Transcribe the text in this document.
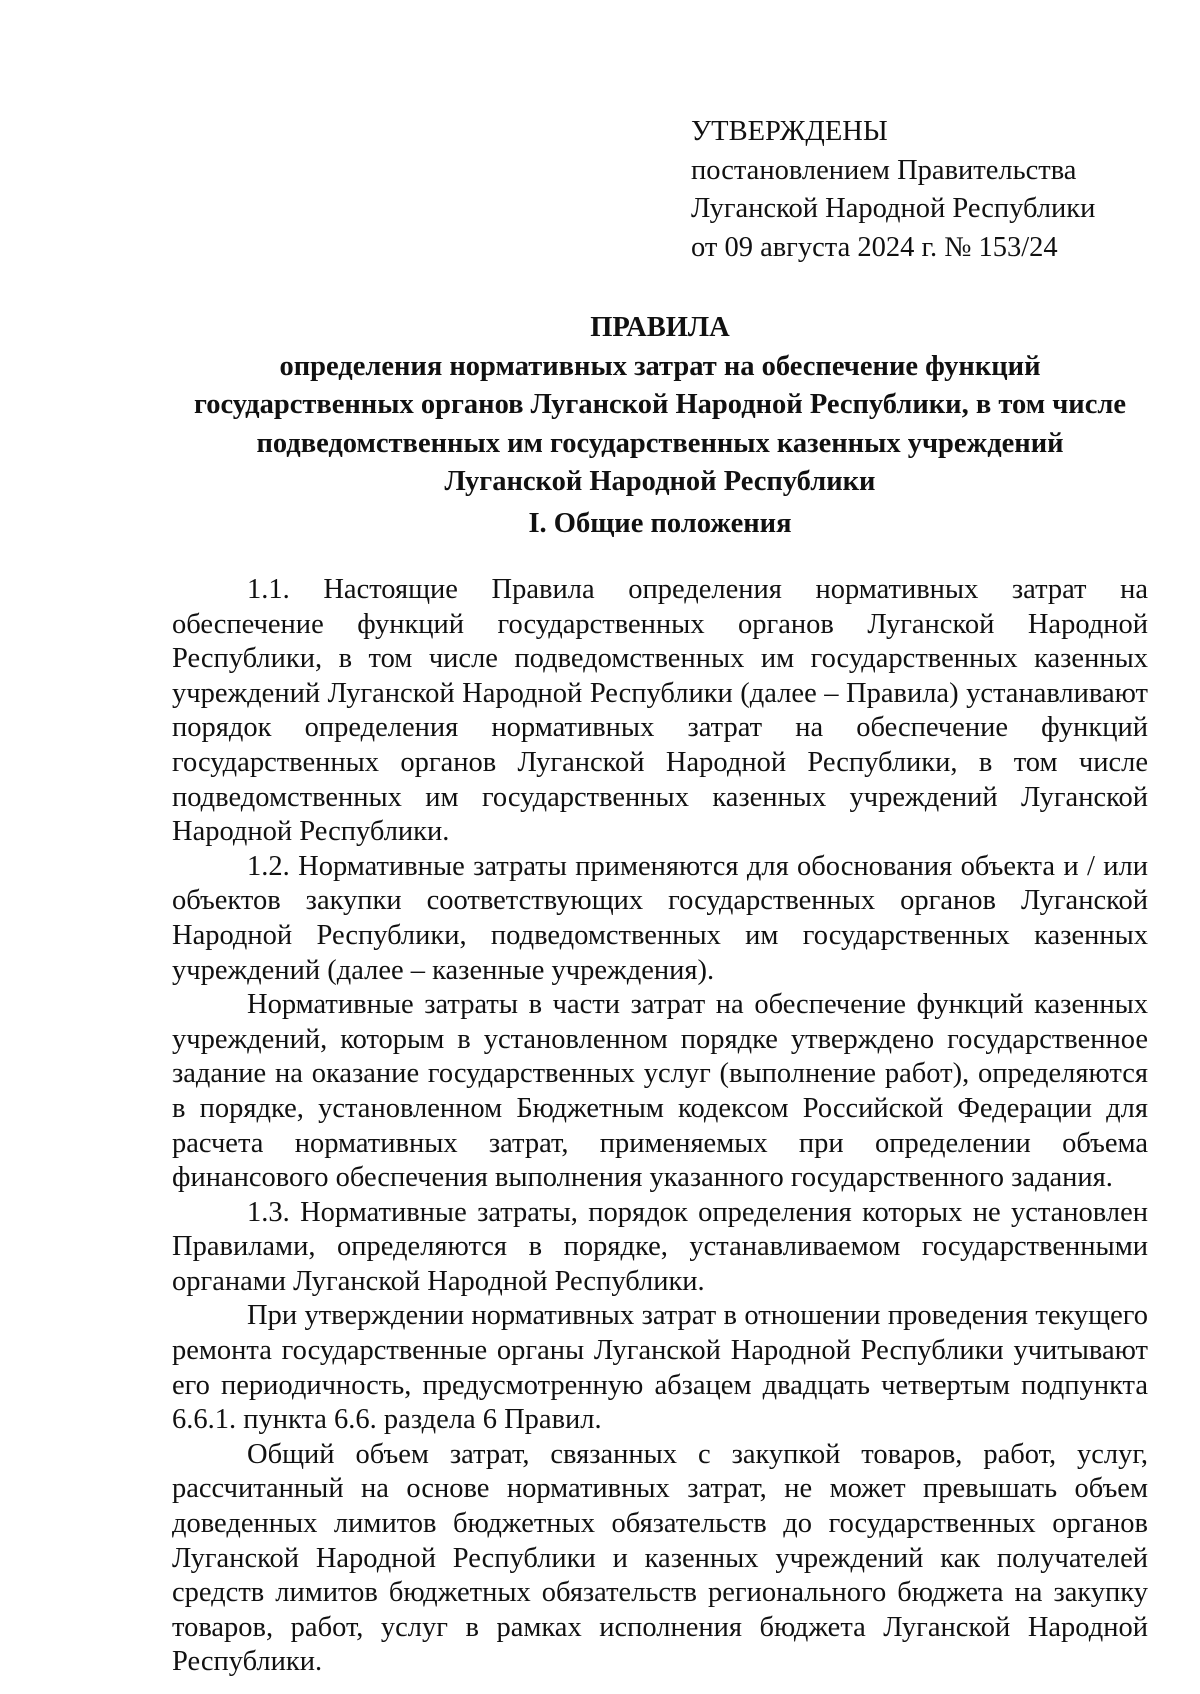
УТВЕРЖДЕНЫ
постановлением Правительства
Луганской Народной Республики
от 09 августа 2024 г. № 153/24
ПРАВИЛА
определения нормативных затрат на обеспечение функций
государственных органов Луганской Народной Республики, в том числе
подведомственных им государственных казенных учреждений
Луганской Народной Республики
I. Общие положения

1.1. Настоящие Правила определения нормативных затрат на обеспечение функций государственных органов Луганской Народной Республики, в том числе подведомственных им государственных казенных учреждений Луганской Народной Республики (далее – Правила) устанавливают порядок определения нормативных затрат на обеспечение функций государственных органов Луганской Народной Республики, в том числе подведомственных им государственных казенных учреждений Луганской Народной Республики.

1.2. Нормативные затраты применяются для обоснования объекта и / или объектов закупки соответствующих государственных органов Луганской Народной Республики, подведомственных им государственных казенных учреждений (далее – казенные учреждения).

Нормативные затраты в части затрат на обеспечение функций казенных учреждений, которым в установленном порядке утверждено государственное задание на оказание государственных услуг (выполнение работ), определяются в порядке, установленном Бюджетным кодексом Российской Федерации для расчета нормативных затрат, применяемых при определении объема финансового обеспечения выполнения указанного государственного задания.

1.3. Нормативные затраты, порядок определения которых не установлен Правилами, определяются в порядке, устанавливаемом государственными органами Луганской Народной Республики.

При утверждении нормативных затрат в отношении проведения текущего ремонта государственные органы Луганской Народной Республики учитывают его периодичность, предусмотренную абзацем двадцать четвертым подпункта 6.6.1. пункта 6.6. раздела 6 Правил.

Общий объем затрат, связанных с закупкой товаров, работ, услуг, рассчитанный на основе нормативных затрат, не может превышать объем доведенных лимитов бюджетных обязательств до государственных органов Луганской Народной Республики и казенных учреждений как получателей средств лимитов бюджетных обязательств регионального бюджета на закупку товаров, работ, услуг в рамках исполнения бюджета Луганской Народной Республики.
